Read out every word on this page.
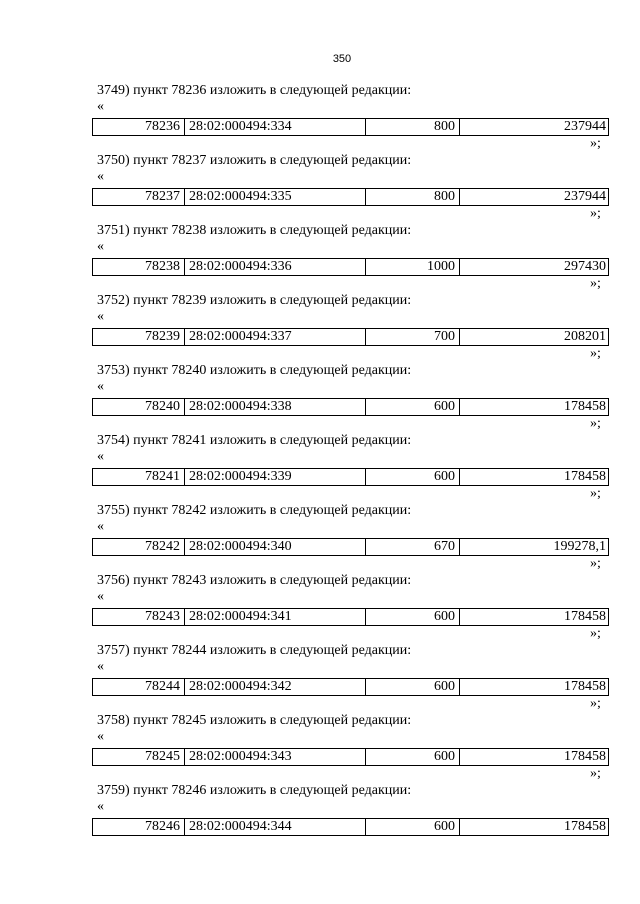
350
3749) пункт 78236 изложить в следующей редакции:
«
78236 28:02:000494:334	800	237944
»;
3750) пункт 78237 изложить в следующей редакции:
«
78237 28:02:000494:335	800	237944
»;
3751) пункт 78238 изложить в следующей редакции:
«
78238 28:02:000494:336	1000	297430
»;
3752) пункт 78239 изложить в следующей редакции:
«
78239 28:02:000494:337	700	208201
»;
3753) пункт 78240 изложить в следующей редакции:
«
78240 28:02:000494:338	600	178458
»;
3754) пункт 78241 изложить в следующей редакции:
«
78241 28:02:000494:339	600	178458
»;
3755) пункт 78242 изложить в следующей редакции:
«
78242 28:02:000494:340	670	199278,1
»;
3756) пункт 78243 изложить в следующей редакции:
«
78243 28:02:000494:341	600	178458
»;
3757) пункт 78244 изложить в следующей редакции:
«
78244 28:02:000494:342	600	178458
»;
3758) пункт 78245 изложить в следующей редакции:
«
78245 28:02:000494:343	600	178458
»;
3759) пункт 78246 изложить в следующей редакции:
«
78246 28:02:000494:344	600	178458
